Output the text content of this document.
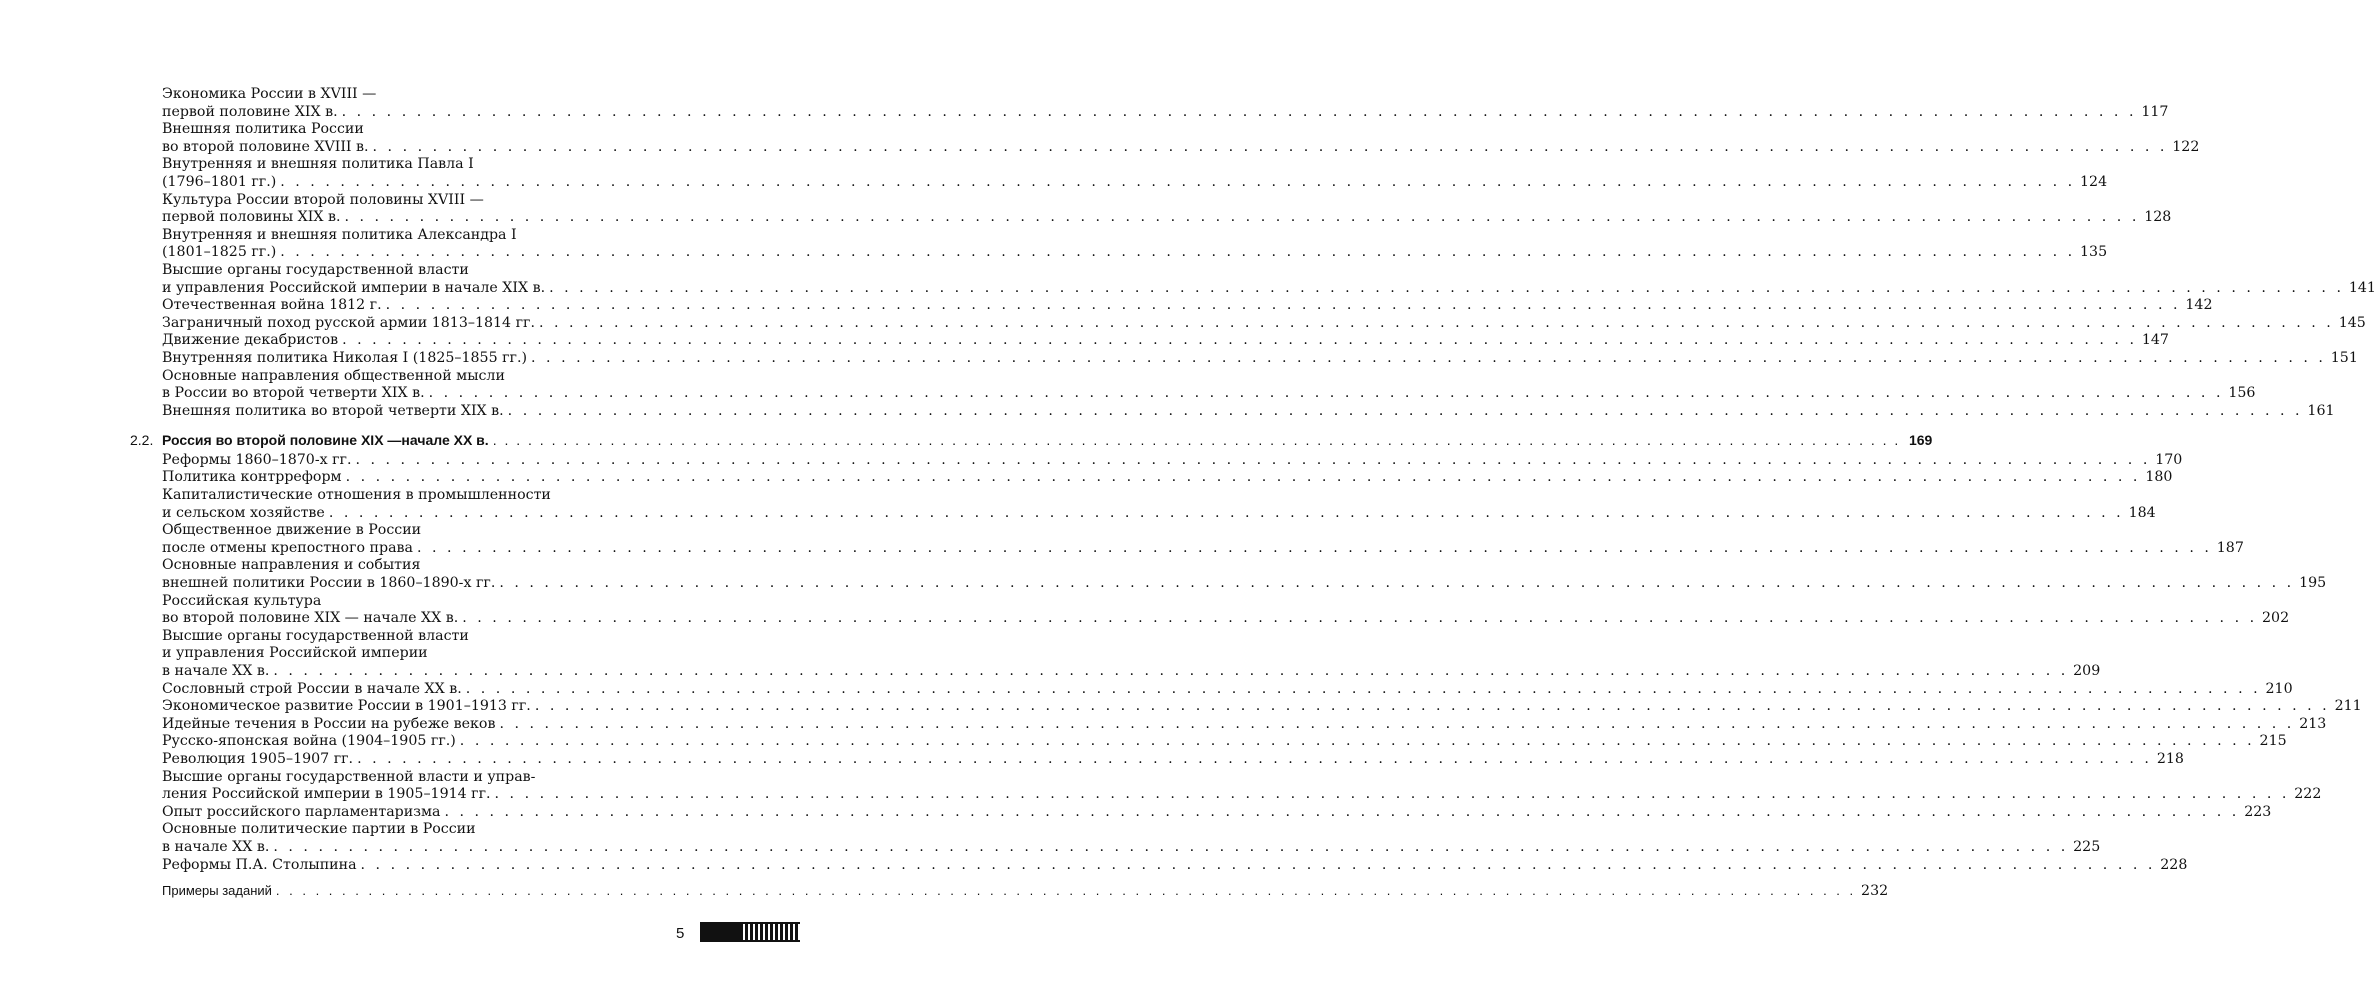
Экономика России в XVIII —
первой половине XIX в. . . . . . . . . . . . . . . . . . . . . . . . . . . . . . . . . . . . . . . . . . . . . . . . . . . . . . . . . . . . . . . . . . . . . . . . . . . . . . . . . . . . . . . . . . . . . . . . . . . . . . . . . . . . . . . . . . . . . . . . . 117
Внешняя политика России
во второй половине XVIII в. . . . . . . . . . . . . . . . . . . . . . . . . . . . . . . . . . . . . . . . . . . . . . . . . . . . . . . . . . . . . . . . . . . . . . . . . . . . . . . . . . . . . . . . . . . . . . . . . . . . . . . . . . . . . . . . . . . . . . . . . 122
Внутренняя и внешняя политика Павла I
(1796–1801 гг.) . . . . . . . . . . . . . . . . . . . . . . . . . . . . . . . . . . . . . . . . . . . . . . . . . . . . . . . . . . . . . . . . . . . . . . . . . . . . . . . . . . . . . . . . . . . . . . . . . . . . . . . . . . . . . . . . . . . . . . . . 124
Культура России второй половины XVIII —
первой половины XIX в. . . . . . . . . . . . . . . . . . . . . . . . . . . . . . . . . . . . . . . . . . . . . . . . . . . . . . . . . . . . . . . . . . . . . . . . . . . . . . . . . . . . . . . . . . . . . . . . . . . . . . . . . . . . . . . . . . . . . . . . . 128
Внутренняя и внешняя политика Александра I
(1801–1825 гг.) . . . . . . . . . . . . . . . . . . . . . . . . . . . . . . . . . . . . . . . . . . . . . . . . . . . . . . . . . . . . . . . . . . . . . . . . . . . . . . . . . . . . . . . . . . . . . . . . . . . . . . . . . . . . . . . . . . . . . . . . 135
Высшие органы государственной власти
и управления Российской империи в начале XIX в. . . . . . . . . . . . . . . . . . . . . . . . . . . . . . . . . . . . . . . . . . . . . . . . . . . . . . . . . . . . . . . . . . . . . . . . . . . . . . . . . . . . . . . . . . . . . . . . . . . . . . . . . . . . . . . . . . . . . . . . . 141
Отечественная война 1812 г. . . . . . . . . . . . . . . . . . . . . . . . . . . . . . . . . . . . . . . . . . . . . . . . . . . . . . . . . . . . . . . . . . . . . . . . . . . . . . . . . . . . . . . . . . . . . . . . . . . . . . . . . . . . . . . . . . . . . . . . . 142
Заграничный поход русской армии 1813–1814 гг. . . . . . . . . . . . . . . . . . . . . . . . . . . . . . . . . . . . . . . . . . . . . . . . . . . . . . . . . . . . . . . . . . . . . . . . . . . . . . . . . . . . . . . . . . . . . . . . . . . . . . . . . . . . . . . . . . . . . . . . . 145
Движение декабристов . . . . . . . . . . . . . . . . . . . . . . . . . . . . . . . . . . . . . . . . . . . . . . . . . . . . . . . . . . . . . . . . . . . . . . . . . . . . . . . . . . . . . . . . . . . . . . . . . . . . . . . . . . . . . . . . . . . . . . . . 147
Внутренняя политика Николая I (1825–1855 гг.) . . . . . . . . . . . . . . . . . . . . . . . . . . . . . . . . . . . . . . . . . . . . . . . . . . . . . . . . . . . . . . . . . . . . . . . . . . . . . . . . . . . . . . . . . . . . . . . . . . . . . . . . . . . . . . . . . . . . . . . . 151
Основные направления общественной мысли
в России во второй четверти XIX в. . . . . . . . . . . . . . . . . . . . . . . . . . . . . . . . . . . . . . . . . . . . . . . . . . . . . . . . . . . . . . . . . . . . . . . . . . . . . . . . . . . . . . . . . . . . . . . . . . . . . . . . . . . . . . . . . . . . . . . . . 156
Внешняя политика во второй четверти XIX в. . . . . . . . . . . . . . . . . . . . . . . . . . . . . . . . . . . . . . . . . . . . . . . . . . . . . . . . . . . . . . . . . . . . . . . . . . . . . . . . . . . . . . . . . . . . . . . . . . . . . . . . . . . . . . . . . . . . . . . . . 161
2.2. Россия во второй половине XIX —начале XX в. . . . . . . . . . . . . . . . . . . . . . . . . . . . . . . . . . . . . . . . . . . . . . . . . . . . . . . . . . . . . . . . . . . . . . . . . . . . . . . . . . . . . . . . . . . . . . . . . . . . . . . . . . . . . . . . . . . . . . . . . 169
Реформы 1860–1870-х гг. . . . . . . . . . . . . . . . . . . . . . . . . . . . . . . . . . . . . . . . . . . . . . . . . . . . . . . . . . . . . . . . . . . . . . . . . . . . . . . . . . . . . . . . . . . . . . . . . . . . . . . . . . . . . . . . . . . . . . . . . 170
Политика контрреформ . . . . . . . . . . . . . . . . . . . . . . . . . . . . . . . . . . . . . . . . . . . . . . . . . . . . . . . . . . . . . . . . . . . . . . . . . . . . . . . . . . . . . . . . . . . . . . . . . . . . . . . . . . . . . . . . . . . . . . . . 180
Капиталистические отношения в промышленности
и сельском хозяйстве . . . . . . . . . . . . . . . . . . . . . . . . . . . . . . . . . . . . . . . . . . . . . . . . . . . . . . . . . . . . . . . . . . . . . . . . . . . . . . . . . . . . . . . . . . . . . . . . . . . . . . . . . . . . . . . . . . . . . . . . 184
Общественное движение в России
после отмены крепостного права . . . . . . . . . . . . . . . . . . . . . . . . . . . . . . . . . . . . . . . . . . . . . . . . . . . . . . . . . . . . . . . . . . . . . . . . . . . . . . . . . . . . . . . . . . . . . . . . . . . . . . . . . . . . . . . . . . . . . . . . 187
Основные направления и события
внешней политики России в 1860–1890-х гг. . . . . . . . . . . . . . . . . . . . . . . . . . . . . . . . . . . . . . . . . . . . . . . . . . . . . . . . . . . . . . . . . . . . . . . . . . . . . . . . . . . . . . . . . . . . . . . . . . . . . . . . . . . . . . . . . . . . . . . . . 195
Российская культура
во второй половине XIX — начале XX в. . . . . . . . . . . . . . . . . . . . . . . . . . . . . . . . . . . . . . . . . . . . . . . . . . . . . . . . . . . . . . . . . . . . . . . . . . . . . . . . . . . . . . . . . . . . . . . . . . . . . . . . . . . . . . . . . . . . . . . . . 202
Высшие органы государственной власти
и управления Российской империи
в начале XX в. . . . . . . . . . . . . . . . . . . . . . . . . . . . . . . . . . . . . . . . . . . . . . . . . . . . . . . . . . . . . . . . . . . . . . . . . . . . . . . . . . . . . . . . . . . . . . . . . . . . . . . . . . . . . . . . . . . . . . . . . 209
Сословный строй России в начале XX в. . . . . . . . . . . . . . . . . . . . . . . . . . . . . . . . . . . . . . . . . . . . . . . . . . . . . . . . . . . . . . . . . . . . . . . . . . . . . . . . . . . . . . . . . . . . . . . . . . . . . . . . . . . . . . . . . . . . . . . . . 210
Экономическое развитие России в 1901–1913 гг. . . . . . . . . . . . . . . . . . . . . . . . . . . . . . . . . . . . . . . . . . . . . . . . . . . . . . . . . . . . . . . . . . . . . . . . . . . . . . . . . . . . . . . . . . . . . . . . . . . . . . . . . . . . . . . . . . . . . . . . . 211
Идейные течения в России на рубеже веков . . . . . . . . . . . . . . . . . . . . . . . . . . . . . . . . . . . . . . . . . . . . . . . . . . . . . . . . . . . . . . . . . . . . . . . . . . . . . . . . . . . . . . . . . . . . . . . . . . . . . . . . . . . . . . . . . . . . . . . . 213
Русско-японская война (1904–1905 гг.) . . . . . . . . . . . . . . . . . . . . . . . . . . . . . . . . . . . . . . . . . . . . . . . . . . . . . . . . . . . . . . . . . . . . . . . . . . . . . . . . . . . . . . . . . . . . . . . . . . . . . . . . . . . . . . . . . . . . . . . . 215
Революция 1905–1907 гг. . . . . . . . . . . . . . . . . . . . . . . . . . . . . . . . . . . . . . . . . . . . . . . . . . . . . . . . . . . . . . . . . . . . . . . . . . . . . . . . . . . . . . . . . . . . . . . . . . . . . . . . . . . . . . . . . . . . . . . . . 218
Высшие органы государственной власти и управ-
ления Российской империи в 1905–1914 гг. . . . . . . . . . . . . . . . . . . . . . . . . . . . . . . . . . . . . . . . . . . . . . . . . . . . . . . . . . . . . . . . . . . . . . . . . . . . . . . . . . . . . . . . . . . . . . . . . . . . . . . . . . . . . . . . . . . . . . . . . 222
Опыт российского парламентаризма . . . . . . . . . . . . . . . . . . . . . . . . . . . . . . . . . . . . . . . . . . . . . . . . . . . . . . . . . . . . . . . . . . . . . . . . . . . . . . . . . . . . . . . . . . . . . . . . . . . . . . . . . . . . . . . . . . . . . . . . 223
Основные политические партии в России
в начале XX в. . . . . . . . . . . . . . . . . . . . . . . . . . . . . . . . . . . . . . . . . . . . . . . . . . . . . . . . . . . . . . . . . . . . . . . . . . . . . . . . . . . . . . . . . . . . . . . . . . . . . . . . . . . . . . . . . . . . . . . . . 225
Реформы П.А. Столыпина . . . . . . . . . . . . . . . . . . . . . . . . . . . . . . . . . . . . . . . . . . . . . . . . . . . . . . . . . . . . . . . . . . . . . . . . . . . . . . . . . . . . . . . . . . . . . . . . . . . . . . . . . . . . . . . . . . . . . . . . 228
Примеры заданий . . . . . . . . . . . . . . . . . . . . . . . . . . . . . . . . . . . . . . . . . . . . . . . . . . . . . . . . . . . . . . . . . . . . . . . . . . . . . . . . . . . . . . . . . . . . . . . . . . . . . . . . . . . . . . . . . . . . . . . . 232
5
